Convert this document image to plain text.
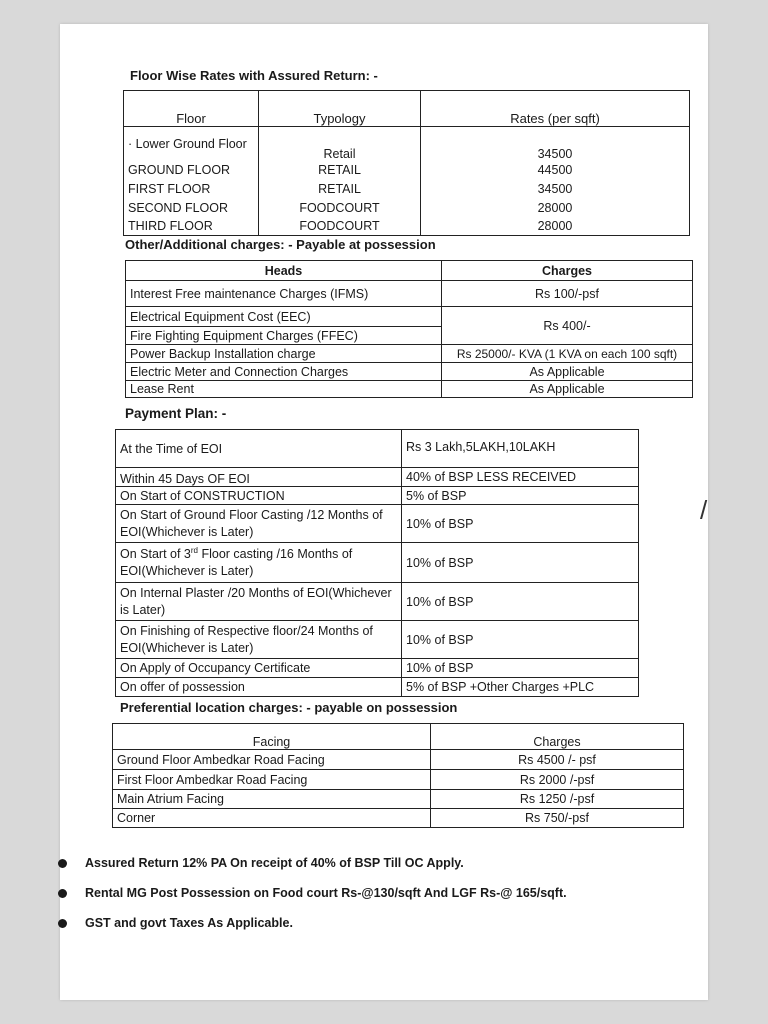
Floor Wise Rates with Assured Return: -
Floor	Typology	Rates (per sqft)
· Lower Ground Floor	Retail	34500
GROUND FLOOR	RETAIL	44500
FIRST FLOOR	RETAIL	34500
SECOND FLOOR	FOODCOURT	28000
THIRD FLOOR	FOODCOURT	28000
Other/Additional charges: - Payable at possession
Heads	Charges
Interest Free maintenance Charges (IFMS)	Rs 100/-psf
Electrical Equipment Cost (EEC)	Rs 400/-
Fire Fighting Equipment Charges (FFEC)	
Power Backup Installation charge	Rs 25000/- KVA (1 KVA on each 100 sqft)
Electric Meter and Connection Charges	As Applicable
Lease Rent	As Applicable
Payment Plan: -
At the Time of EOI	Rs 3 Lakh,5LAKH,10LAKH
Within 45 Days OF EOI	40% of BSP LESS RECEIVED
On Start of CONSTRUCTION	5% of BSP
On Start of Ground Floor Casting /12 Months of EOI(Whichever is Later)	10% of BSP
On Start of 3rd Floor casting /16 Months of EOI(Whichever is Later)	10% of BSP
On Internal Plaster /20 Months of EOI(Whichever is Later)	10% of BSP
On Finishing of Respective floor/24 Months of EOI(Whichever is Later)	10% of BSP
On Apply of Occupancy Certificate	10% of BSP
On offer of possession	5% of BSP +Other Charges +PLC
Preferential location charges: - payable on possession
Facing	Charges
Ground Floor Ambedkar Road Facing	Rs 4500 /- psf
First Floor Ambedkar Road Facing	Rs 2000 /-psf
Main Atrium Facing	Rs 1250 /-psf
Corner	Rs 750/-psf
Assured Return 12% PA On receipt of 40% of BSP Till OC Apply.
Rental MG Post Possession on Food court Rs-@130/sqft And LGF Rs-@ 165/sqft.
GST and govt Taxes As Applicable.
/
